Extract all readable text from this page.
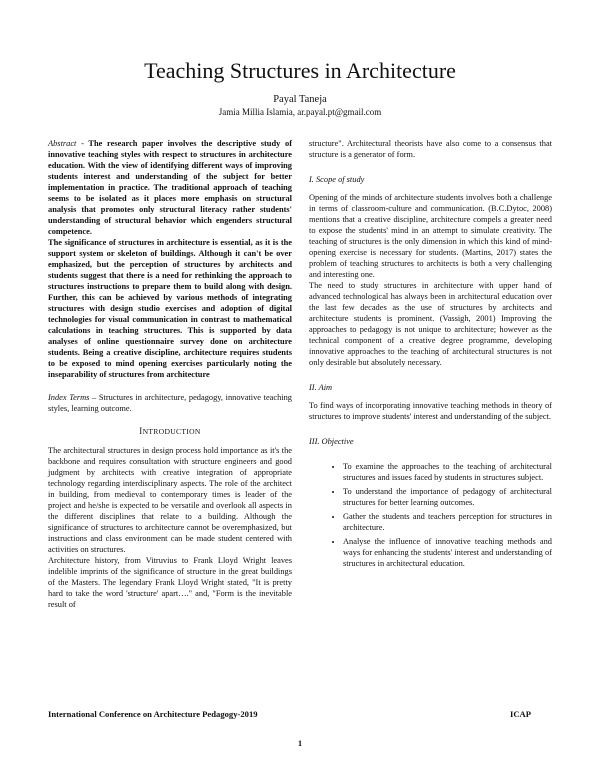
Teaching Structures in Architecture
Payal Taneja
Jamia Millia Islamia, ar.payal.pt@gmail.com

Abstract - The research paper involves the descriptive study of innovative teaching styles with respect to structures in architecture education. With the view of identifying different ways of improving students interest and understanding of the subject for better implementation in practice. The traditional approach of teaching seems to be isolated as it places more emphasis on structural analysis that promotes only structural literacy rather students' understanding of structural behavior which engenders structural competence.

The significance of structures in architecture is essential, as it is the support system or skeleton of buildings. Although it can't be over emphasized, but the perception of structures by architects and students suggest that there is a need for rethinking the approach to structures instructions to prepare them to build along with design. Further, this can be achieved by various methods of integrating structures with design studio exercises and adoption of digital technologies for visual communication in contrast to mathematical calculations in teaching structures. This is supported by data analyses of online questionnaire survey done on architecture students. Being a creative discipline, architecture requires students to be exposed to mind opening exercises particularly noting the inseparability of structures from architecture

Index Terms – Structures in architecture, pedagogy, innovative teaching styles, learning outcome.

INTRODUCTION

The architectural structures in design process hold importance as it's the backbone and requires consultation with structure engineers and good judgment by architects with creative integration of appropriate technology regarding interdisciplinary aspects. The role of the architect in building, from medieval to contemporary times is leader of the project and he/she is expected to be versatile and overlook all aspects in the different disciplines that relate to a building. Although the significance of structures to architecture cannot be overemphasized, but instructions and class environment can be made student centered with activities on structures.

Architecture history, from Vitruvius to Frank Lloyd Wright leaves indelible imprints of the significance of structure in the great buildings of the Masters. The legendary Frank Lloyd Wright stated, "It is pretty hard to take the word 'structure' apart…." and, "Form is the inevitable result of

structure". Architectural theorists have also come to a consensus that structure is a generator of form.

I. Scope of study

Opening of the minds of architecture students involves both a challenge in terms of classroom-culture and communication. (B.C.Dytoc, 2008) mentions that a creative discipline, architecture compels a greater need to expose the students' mind in an attempt to simulate creativity. The teaching of structures is the only dimension in which this kind of mind-opening exercise is necessary for students. (Martins, 2017) states the problem of teaching structures to architects is both a very challenging and interesting one.

The need to study structures in architecture with upper hand of advanced technological has always been in architectural education over the last few decades as the use of structures by architects and architecture students is prominent. (Vassigh, 2001) Improving the approaches to pedagogy is not unique to architecture; however as the technical component of a creative degree programme, developing innovative approaches to the teaching of architectural structures is not only desirable but absolutely necessary.

II. Aim

To find ways of incorporating innovative teaching methods in theory of structures to improve students' interest and understanding of the subject.

III. Objective
• To examine the approaches to the teaching of architectural structures and issues faced by students in structures subject.
• To understand the importance of pedagogy of architectural structures for better learning outcomes.
• Gather the students and teachers perception for structures in architecture.
• Analyse the influence of innovative teaching methods and ways for enhancing the students' interest and understanding of structures in architectural education.
International Conference on Architecture Pedagogy-2019	ICAP
1
